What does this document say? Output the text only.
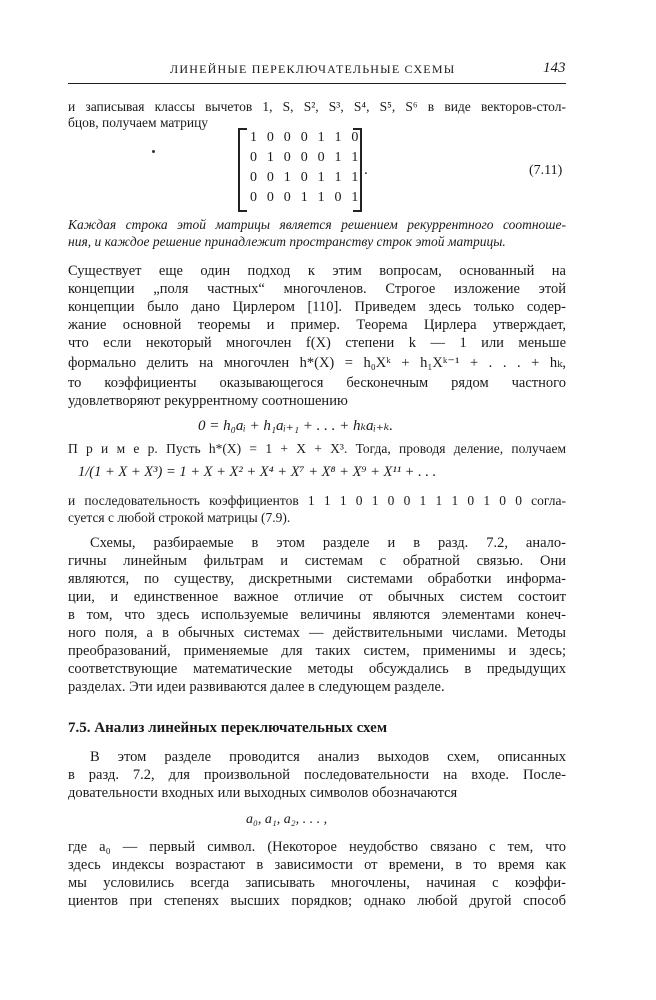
ЛИНЕЙНЫЕ ПЕРЕКЛЮЧАТЕЛЬНЫЕ СХЕМЫ	143
и записывая классы вычетов 1, S, S², S³, S⁴, S⁵, S⁶ в виде векторов-стол-
бцов, получаем матрицу
1 0 0 0 1 1 0
0 1 0 0 0 1 1
0 0 1 0 1 1 1
0 0 0 1 1 0 1
.	(7.11)
Каждая строка этой матрицы является решением рекуррентного соотноше-
ния, и каждое решение принадлежит пространству строк этой матрицы.
Существует еще один подход к этим вопросам, основанный на
концепции „поля частных“ многочленов. Строгое изложение этой
концепции было дано Цирлером [110]. Приведем здесь только содер-
жание основной теоремы и пример. Теорема Цирлера утверждает,
что если некоторый многочлен f(X) степени k — 1 или меньше
формально делить на многочлен h*(X) = h₀Xᵏ + h₁Xᵏ⁻¹ + . . . + hₖ,
то коэффициенты оказывающегося бесконечным рядом частного
удовлетворяют рекуррентному соотношению
0 = h₀aᵢ + h₁aᵢ₊₁ + . . . + hₖaᵢ₊ₖ.
П р и м е р. Пусть h*(X) = 1 + X + X³. Тогда, проводя деление, получаем
1/(1 + X + X³) = 1 + X + X² + X⁴ + X⁷ + X⁸ + X⁹ + X¹¹ + . . .
и последовательность коэффициентов 1 1 1 0 1 0 0 1 1 1 0 1 0 0 согла-
суется с любой строкой матрицы (7.9).
Схемы, разбираемые в этом разделе и в разд. 7.2, анало-
гичны линейным фильтрам и системам с обратной связью. Они
являются, по существу, дискретными системами обработки информа-
ции, и единственное важное отличие от обычных систем состоит
в том, что здесь используемые величины являются элементами конеч-
ного поля, а в обычных системах — действительными числами. Методы
преобразований, применяемые для таких систем, применимы и здесь;
соответствующие математические методы обсуждались в предыдущих
разделах. Эти идеи развиваются далее в следующем разделе.
7.5. Анализ линейных переключательных схем
В этом разделе проводится анализ выходов схем, описанных
в разд. 7.2, для произвольной последовательности на входе. После-
довательности входных или выходных символов обозначаются
a₀, a₁, a₂, . . . ,
где a₀ — первый символ. (Некоторое неудобство связано с тем, что
здесь индексы возрастают в зависимости от времени, в то время как
мы условились всегда записывать многочлены, начиная с коэффи-
циентов при степенях высших порядков; однако любой другой способ
